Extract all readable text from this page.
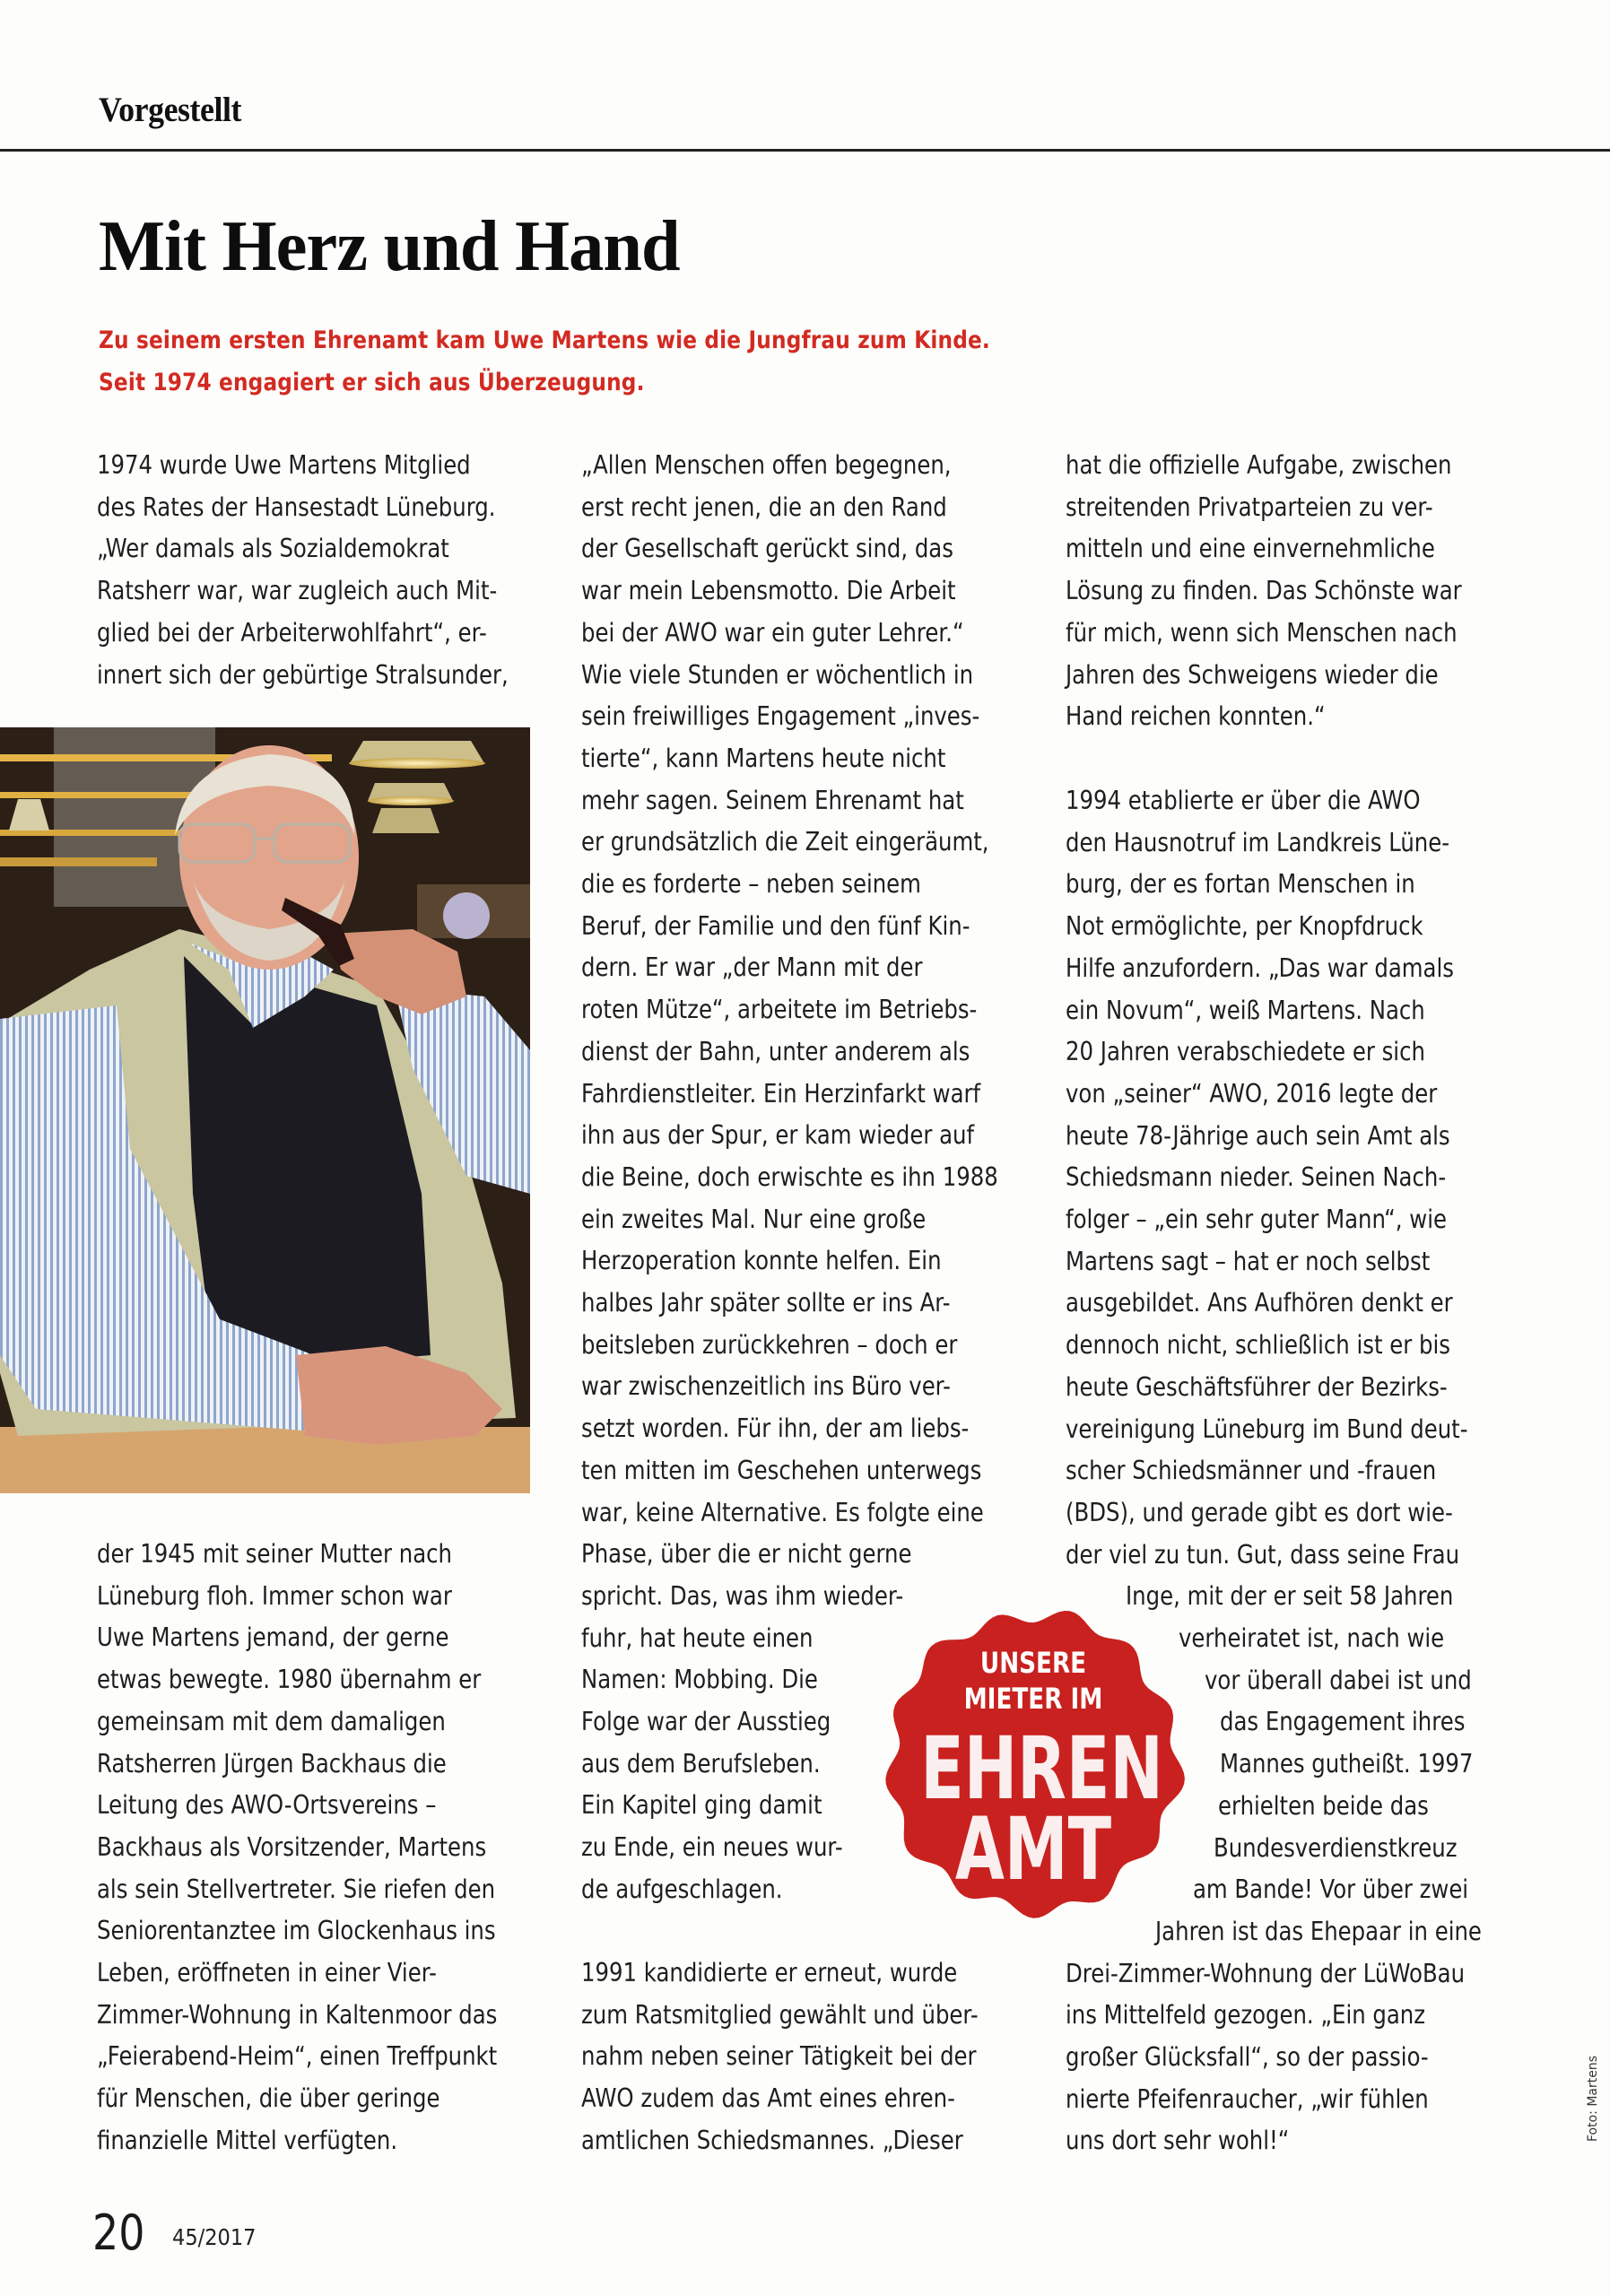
Vorgestellt
Mit Herz und Hand
Zu seinem ersten Ehrenamt kam Uwe Martens wie die Jungfrau zum Kinde.
Seit 1974 engagiert er sich aus Überzeugung.
1974 wurde Uwe Martens Mitglied
des Rates der Hansestadt Lüneburg.
„Wer damals als Sozialdemokrat
Ratsherr war, war zugleich auch Mit-
glied bei der Arbeiterwohlfahrt“, er-
innert sich der gebürtige Stralsunder,
der 1945 mit seiner Mutter nach
Lüneburg floh. Immer schon war
Uwe Martens jemand, der gerne
etwas bewegte. 1980 übernahm er
gemeinsam mit dem damaligen
Ratsherren Jürgen Backhaus die
Leitung des AWO-Ortsvereins –
Backhaus als Vorsitzender, Martens
als sein Stellvertreter. Sie riefen den
Seniorentanztee im Glockenhaus ins
Leben, eröffneten in einer Vier-
Zimmer-Wohnung in Kaltenmoor das
„Feierabend-Heim“, einen Treffpunkt
für Menschen, die über geringe
finanzielle Mittel verfügten.
„Allen Menschen offen begegnen,
erst recht jenen, die an den Rand
der Gesellschaft gerückt sind, das
war mein Lebensmotto. Die Arbeit
bei der AWO war ein guter Lehrer.“
Wie viele Stunden er wöchentlich in
sein freiwilliges Engagement „inves-
tierte“, kann Martens heute nicht
mehr sagen. Seinem Ehrenamt hat
er grundsätzlich die Zeit eingeräumt,
die es forderte – neben seinem
Beruf, der Familie und den fünf Kin-
dern. Er war „der Mann mit der
roten Mütze“, arbeitete im Betriebs-
dienst der Bahn, unter anderem als
Fahrdienstleiter. Ein Herzinfarkt warf
ihn aus der Spur, er kam wieder auf
die Beine, doch erwischte es ihn 1988
ein zweites Mal. Nur eine große
Herzoperation konnte helfen. Ein
halbes Jahr später sollte er ins Ar-
beitsleben zurückkehren – doch er
war zwischenzeitlich ins Büro ver-
setzt worden. Für ihn, der am liebs-
ten mitten im Geschehen unterwegs
war, keine Alternative. Es folgte eine
Phase, über die er nicht gerne
spricht. Das, was ihm wieder-
fuhr, hat heute einen
Namen: Mobbing. Die
Folge war der Ausstieg
aus dem Berufsleben.
Ein Kapitel ging damit
zu Ende, ein neues wur-
de aufgeschlagen.
1991 kandidierte er erneut, wurde
zum Ratsmitglied gewählt und über-
nahm neben seiner Tätigkeit bei der
AWO zudem das Amt eines ehren-
amtlichen Schiedsmannes. „Dieser
hat die offizielle Aufgabe, zwischen
streitenden Privatparteien zu ver-
mitteln und eine einvernehmliche
Lösung zu finden. Das Schönste war
für mich, wenn sich Menschen nach
Jahren des Schweigens wieder die
Hand reichen konnten.“
1994 etablierte er über die AWO
den Hausnotruf im Landkreis Lüne-
burg, der es fortan Menschen in
Not ermöglichte, per Knopfdruck
Hilfe anzufordern. „Das war damals
ein Novum“, weiß Martens. Nach
20 Jahren verabschiedete er sich
von „seiner“ AWO, 2016 legte der
heute 78-Jährige auch sein Amt als
Schiedsmann nieder. Seinen Nach-
folger – „ein sehr guter Mann“, wie
Martens sagt – hat er noch selbst
ausgebildet. Ans Aufhören denkt er
dennoch nicht, schließlich ist er bis
heute Geschäftsführer der Bezirks-
vereinigung Lüneburg im Bund deut-
scher Schiedsmänner und -frauen
(BDS), und gerade gibt es dort wie-
der viel zu tun. Gut, dass seine Frau
Inge, mit der er seit 58 Jahren
verheiratet ist, nach wie
vor überall dabei ist und
das Engagement ihres
Mannes gutheißt. 1997
erhielten beide das
Bundesverdienstkreuz
am Bande! Vor über zwei
Jahren ist das Ehepaar in eine
Drei-Zimmer-Wohnung der LüWoBau
ins Mittelfeld gezogen. „Ein ganz
großer Glücksfall“, so der passio-
nierte Pfeifenraucher, „wir fühlen
uns dort sehr wohl!“
UNSERE
MIETER IM
EHREN
AMT
Foto: Martens
20 45/2017
